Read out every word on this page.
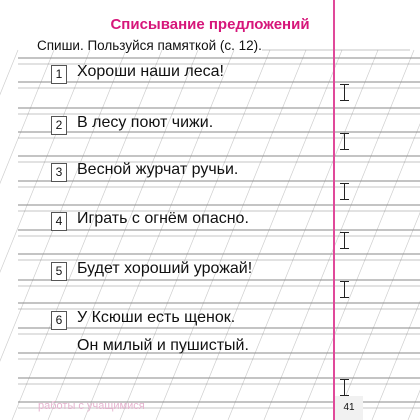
Списывание предложений
Спиши. Пользуйся памяткой (с. 12).
1 Хороши наши леса!
2 В лесу поют чижи.
3 Весной журчат ручьи.
4 Играть с огнём опасно.
5 Будет хороший урожай!
6 У Ксюши есть щенок.
Он милый и пушистый.
работы с учащимися	41
